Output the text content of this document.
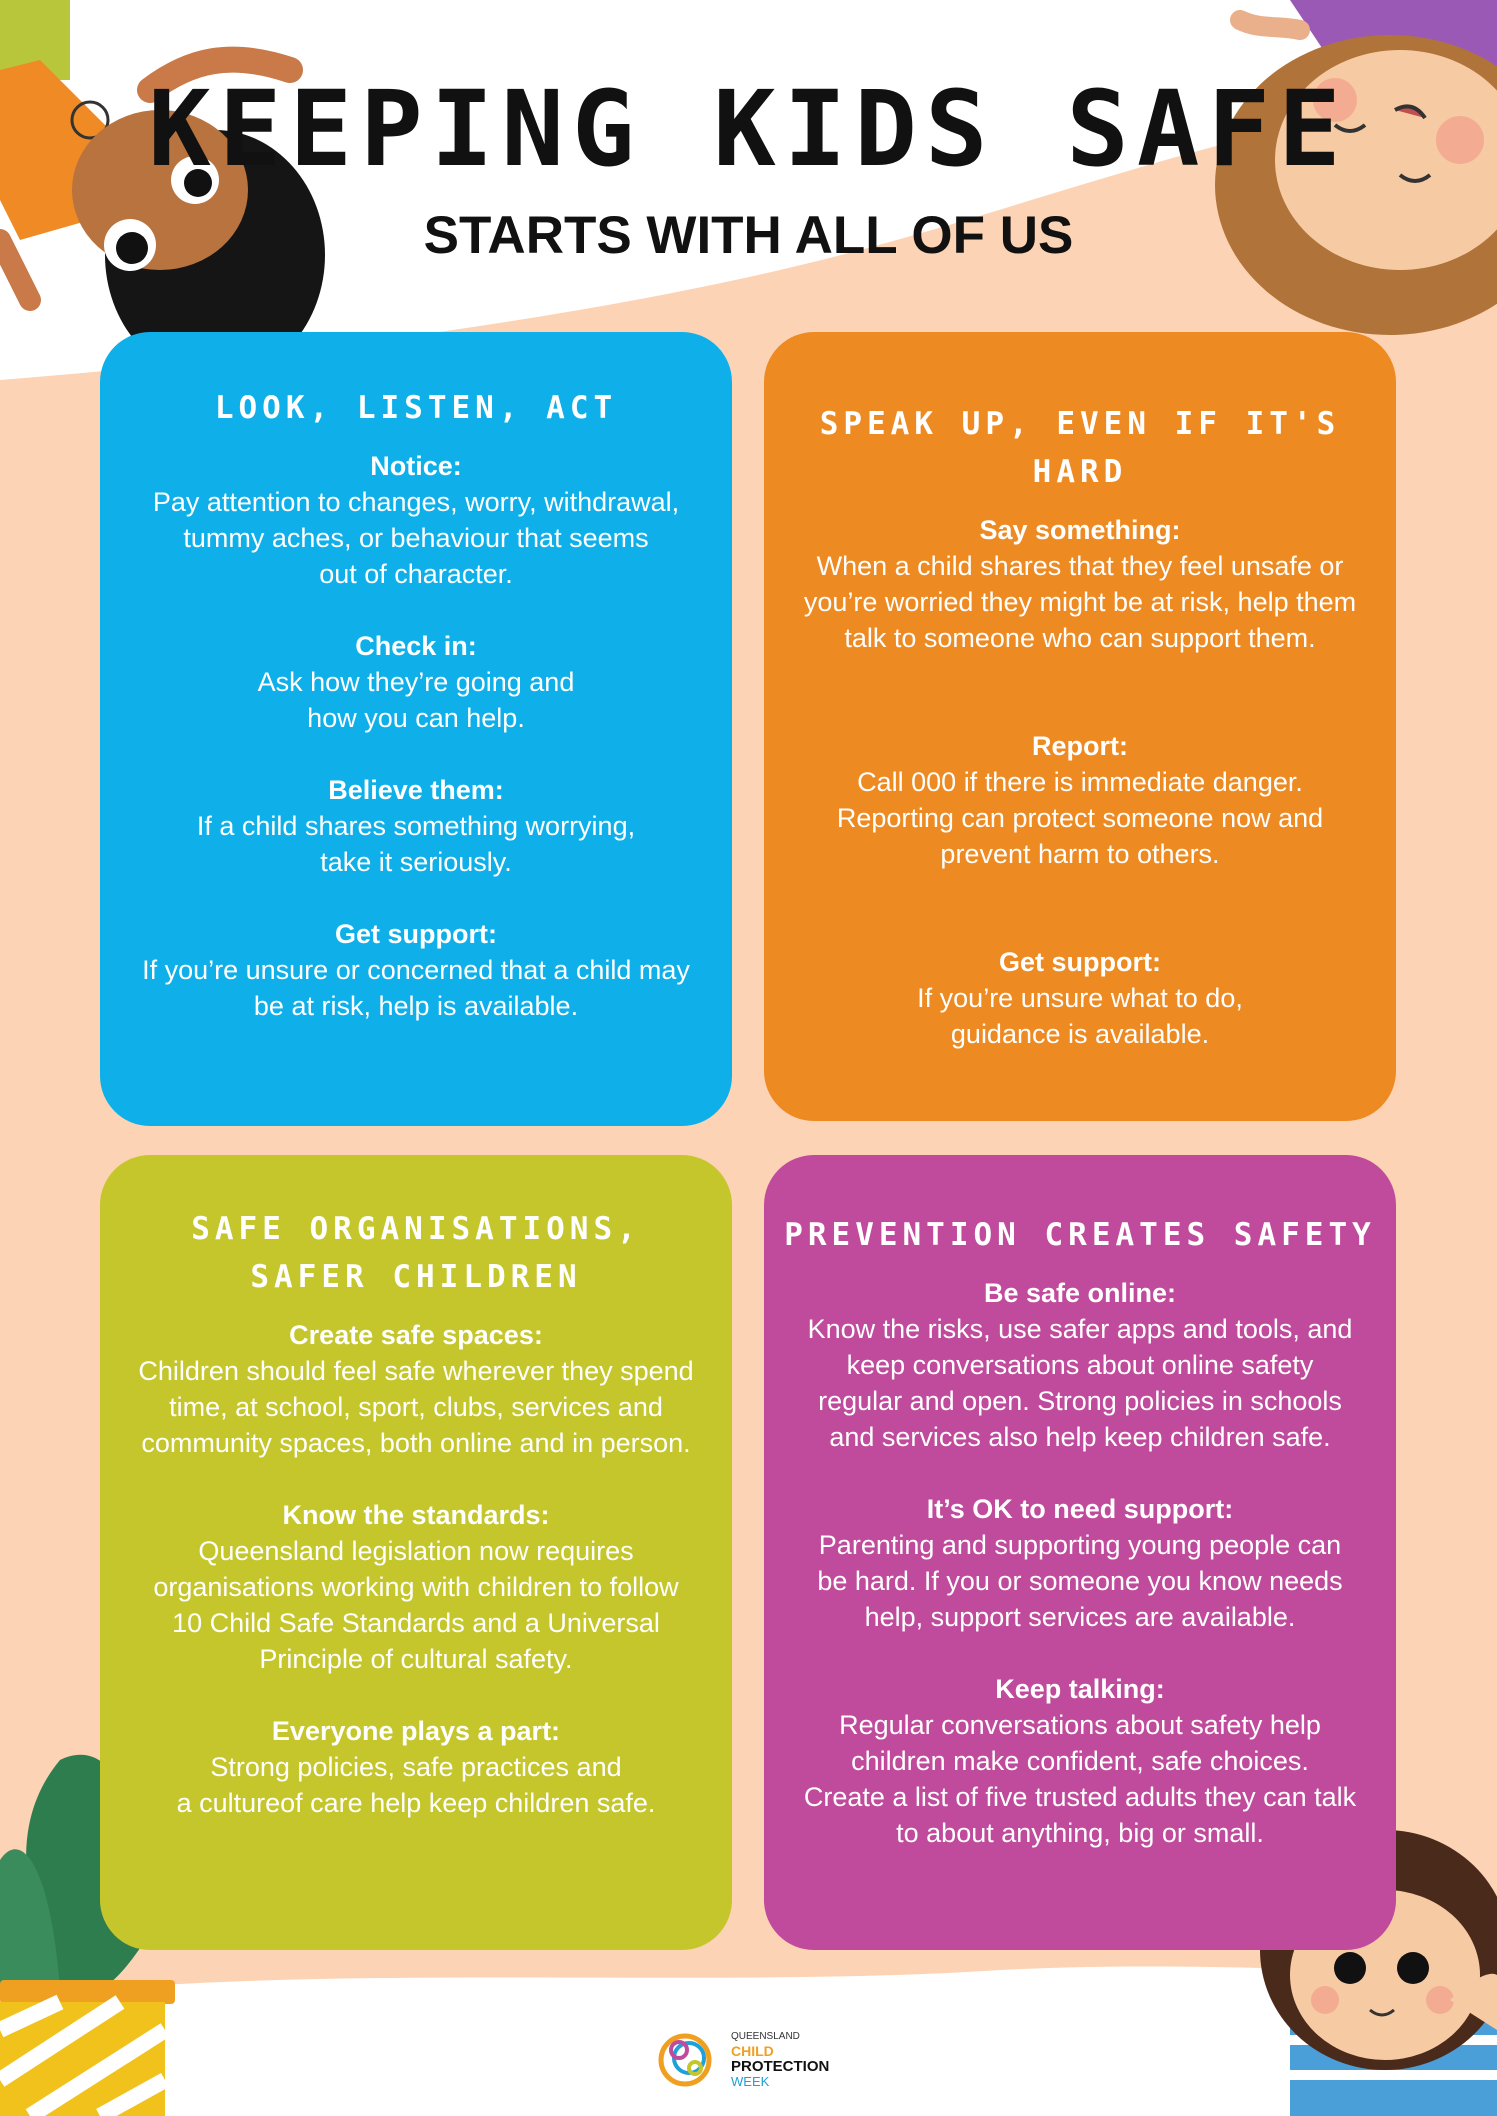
KEEPING KIDS SAFE
STARTS WITH ALL OF US
LOOK, LISTEN, ACT
Notice:
Pay attention to changes, worry, withdrawal,
tummy aches, or behaviour that seems
out of character.
Check in:
Ask how they’re going and
how you can help.
Believe them:
If a child shares something worrying,
take it seriously.
Get support:
If you’re unsure or concerned that a child may
be at risk, help is available.
SPEAK UP, EVEN IF IT'S HARD
Say something:
When a child shares that they feel unsafe or
you’re worried they might be at risk, help them
talk to someone who can support them.
Report:
Call 000 if there is immediate danger.
Reporting can protect someone now and
prevent harm to others.
Get support:
If you’re unsure what to do,
guidance is available.
SAFE ORGANISATIONS,
SAFER CHILDREN
Create safe spaces:
Children should feel safe wherever they spend
time, at school, sport, clubs, services and
community spaces, both online and in person.
Know the standards:
Queensland legislation now requires
organisations working with children to follow
10 Child Safe Standards and a Universal
Principle of cultural safety.
Everyone plays a part:
Strong policies, safe practices and
a cultureof care help keep children safe.
PREVENTION CREATES SAFETY
Be safe online:
Know the risks, use safer apps and tools, and
keep conversations about online safety
regular and open. Strong policies in schools
and services also help keep children safe.
It’s OK to need support:
Parenting and supporting young people can
be hard. If you or someone you know needs
help, support services are available.
Keep talking:
Regular conversations about safety help
children make confident, safe choices.
Create a list of five trusted adults they can talk
to about anything, big or small.
QUEENSLAND
CHILD
PROTECTION
WEEK
